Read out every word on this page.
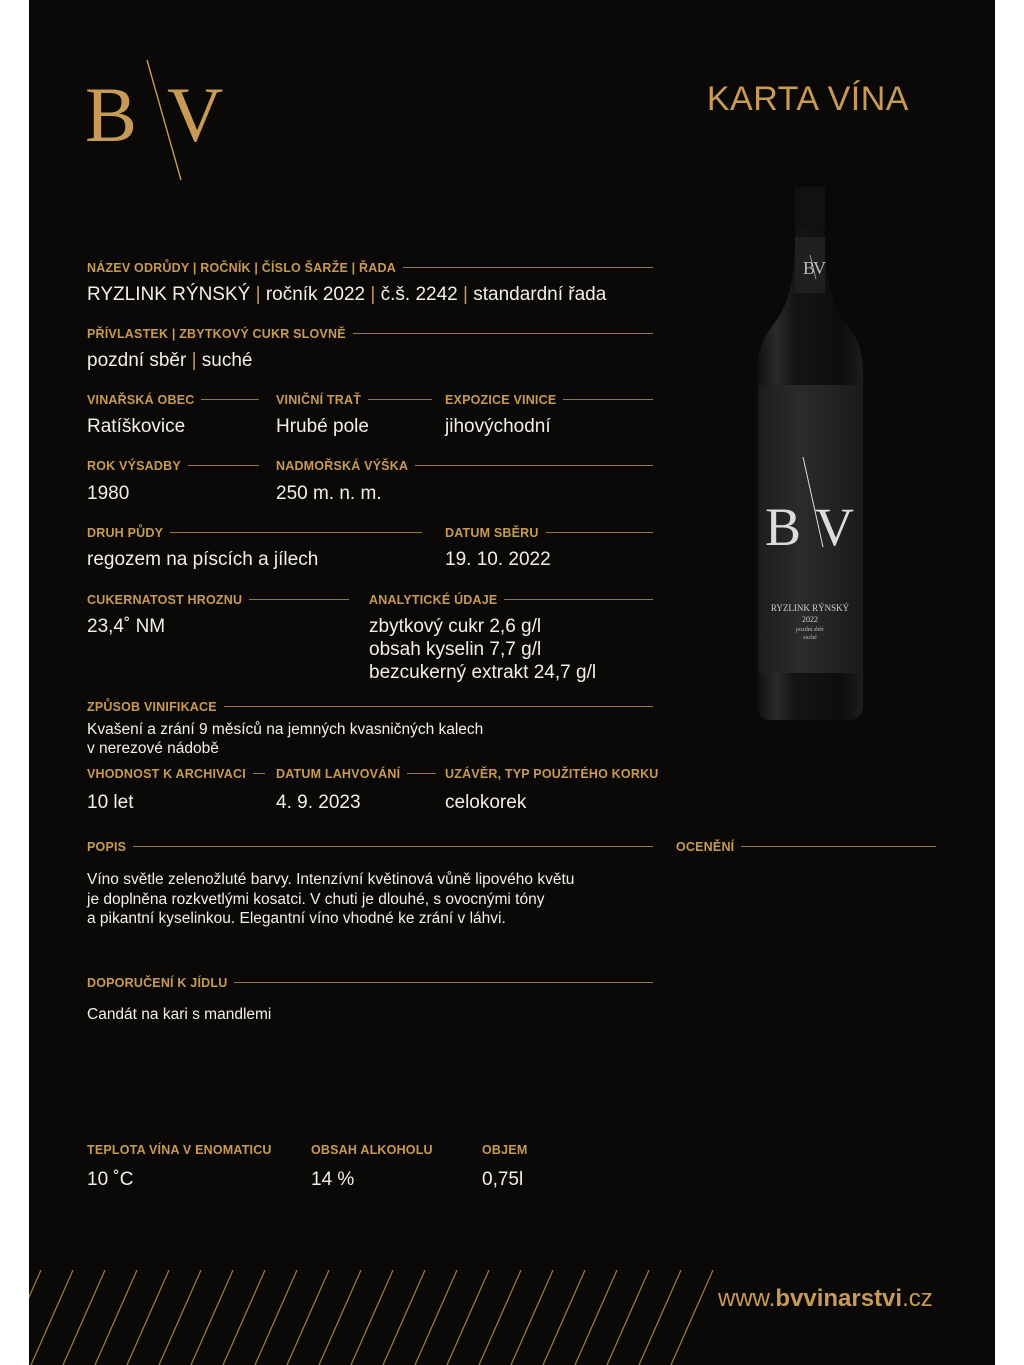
B V	KARTA VÍNA
NÁZEV ODRŮDY | ROČNÍK | ČÍSLO ŠARŽE | ŘADA
RYZLINK RÝNSKÝ | ročník 2022 | č.š. 2242 | standardní řada
PŘÍVLASTEK | ZBYTKOVÝ CUKR SLOVNĚ
pozdní sběr | suché
VINAŘSKÁ OBEC
Ratíškovice
VINIČNÍ TRAŤ
Hrubé pole
EXPOZICE VINICE
jihovýchodní
ROK VÝSADBY
1980
NADMOŘSKÁ VÝŠKA
250 m. n. m.
DRUH PŮDY
regozem na píscích a jílech
DATUM SBĚRU
19. 10. 2022
CUKERNATOST HROZNU
23,4˚ NM
ANALYTICKÉ ÚDAJE
zbytkový cukr 2,6 g/l
obsah kyselin 7,7 g/l
bezcukerný extrakt 24,7 g/l
ZPŮSOB VINIFIKACE
Kvašení a zrání 9 měsíců na jemných kvasničných kalech
v nerezové nádobě
VHODNOST K ARCHIVACI
10 let
DATUM LAHVOVÁNÍ
4. 9. 2023
UZÁVĚR, TYP POUŽITÉHO KORKU
celokorek
POPIS
Víno světle zelenožluté barvy. Intenzívní květinová vůně lipového květu
je doplněna rozkvetlými kosatci. V chuti je dlouhé, s ovocnými tóny
a pikantní kyselinkou. Elegantní víno vhodné ke zrání v láhvi.
OCENĚNÍ
DOPORUČENÍ K JÍDLU
Candát na kari s mandlemi
TEPLOTA VÍNA V ENOMATICU
10 ˚C
OBSAH ALKOHOLU
14 %
OBJEM
0,75l
B
V
B V
RYZLINK RÝNSKÝ
2022
pozdní sběr
suché
www.bvvinarstvi.cz
